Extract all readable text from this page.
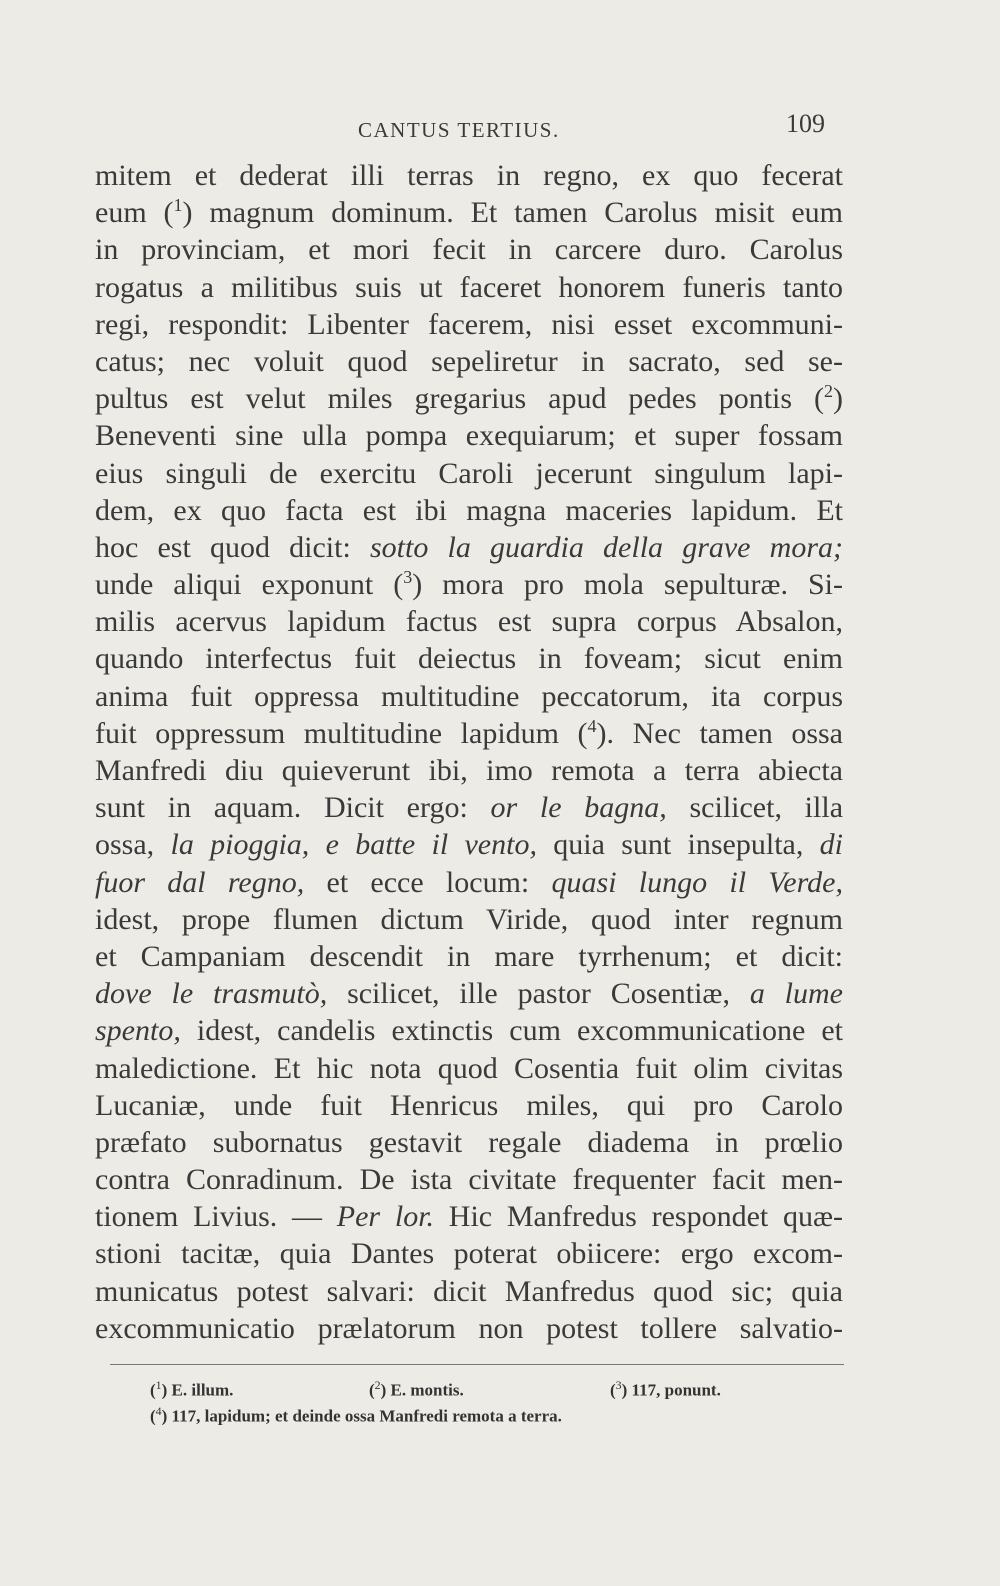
CANTUS TERTIUS.	109
mitem et dederat illi terras in regno, ex quo fecerat
eum ($^1$) magnum dominum. Et tamen Carolus misit eum
in provinciam, et mori fecit in carcere duro. Carolus
rogatus a militibus suis ut faceret honorem funeris tanto
regi, respondit: Libenter facerem, nisi esset excommuni-
catus; nec voluit quod sepeliretur in sacrato, sed se-
pultus est velut miles gregarius apud pedes pontis ($^2$)
Beneventi sine ulla pompa exequiarum; et super fossam
eius singuli de exercitu Caroli jecerunt singulum lapi-
dem, ex quo facta est ibi magna maceries lapidum. Et
hoc est quod dicit: sotto la guardia della grave mora;
unde aliqui exponunt ($^3$) mora pro mola sepulturæ. Si-
milis acervus lapidum factus est supra corpus Absalon,
quando interfectus fuit deiectus in foveam; sicut enim
anima fuit oppressa multitudine peccatorum, ita corpus
fuit oppressum multitudine lapidum ($^4$). Nec tamen ossa
Manfredi diu quieverunt ibi, imo remota a terra abiecta
sunt in aquam. Dicit ergo: or le bagna, scilicet, illa
ossa, la pioggia, e batte il vento, quia sunt insepulta, di
fuor dal regno, et ecce locum: quasi lungo il Verde,
idest, prope flumen dictum Viride, quod inter regnum
et Campaniam descendit in mare tyrrhenum; et dicit:
dove le trasmutò, scilicet, ille pastor Cosentiæ, a lume
spento, idest, candelis extinctis cum excommunicatione et
maledictione. Et hic nota quod Cosentia fuit olim civitas
Lucaniæ, unde fuit Henricus miles, qui pro Carolo
præfato subornatus gestavit regale diadema in prœlio
contra Conradinum. De ista civitate frequenter facit men-
tionem Livius. — Per lor. Hic Manfredus respondet quæ-
stioni tacitæ, quia Dantes poterat obiicere: ergo excom-
municatus potest salvari: dicit Manfredus quod sic; quia
excommunicatio prælatorum non potest tollere salvatio-
($^1$) E. illum.	($^2$) E. montis.	($^3$) 117, ponunt.
($^4$) 117, lapidum; et deinde ossa Manfredi remota a terra.
